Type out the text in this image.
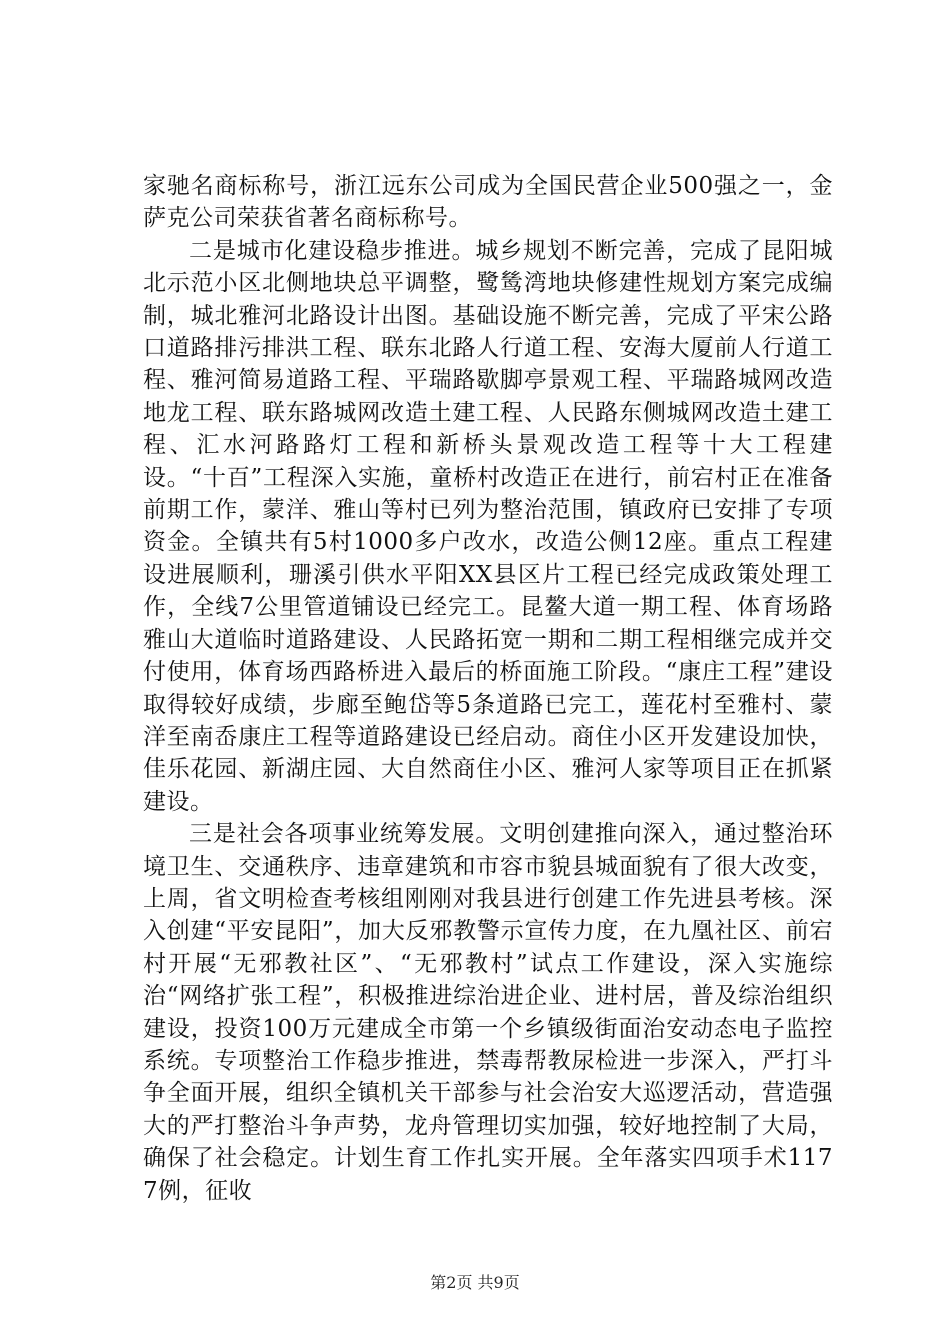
家驰名商标称号，浙江远东公司成为全国民营企业500强之一，金萨克公司荣获省著名商标称号。

二是城市化建设稳步推进。城乡规划不断完善，完成了昆阳城北示范小区北侧地块总平调整，鹭鸶湾地块修建性规划方案完成编制，城北雅河北路设计出图。基础设施不断完善，完成了平宋公路口道路排污排洪工程、联东北路人行道工程、安海大厦前人行道工程、雅河简易道路工程、平瑞路歇脚亭景观工程、平瑞路城网改造地龙工程、联东路城网改造土建工程、人民路东侧城网改造土建工程、汇水河路路灯工程和新桥头景观改造工程等十大工程建设。“十百”工程深入实施，童桥村改造正在进行，前宕村正在准备前期工作，蒙洋、雅山等村已列为整治范围，镇政府已安排了专项资金。全镇共有5村1000多户改水，改造公侧12座。重点工程建设进展顺利，珊溪引供水平阳XX县区片工程已经完成政策处理工作，全线7公里管道铺设已经完工。昆鳌大道一期工程、体育场路雅山大道临时道路建设、人民路拓宽一期和二期工程相继完成并交付使用，体育场西路桥进入最后的桥面施工阶段。“康庄工程”建设取得较好成绩，步廊至鲍岱等5条道路已完工，莲花村至雅村、蒙洋至南岙康庄工程等道路建设已经启动。商住小区开发建设加快，佳乐花园、新湖庄园、大自然商住小区、雅河人家等项目正在抓紧建设。

三是社会各项事业统筹发展。文明创建推向深入，通过整治环境卫生、交通秩序、违章建筑和市容市貌县城面貌有了很大改变，上周，省文明检查考核组刚刚对我县进行创建工作先进县考核。深入创建“平安昆阳”，加大反邪教警示宣传力度，在九凰社区、前宕村开展“无邪教社区”、“无邪教村”试点工作建设，深入实施综治“网络扩张工程”，积极推进综治进企业、进村居，普及综治组织建设，投资100万元建成全市第一个乡镇级街面治安动态电子监控系统。专项整治工作稳步推进，禁毒帮教尿检进一步深入，严打斗争全面开展，组织全镇机关干部参与社会治安大巡逻活动，营造强大的严打整治斗争声势，龙舟管理切实加强，较好地控制了大局，确保了社会稳定。计划生育工作扎实开展。全年落实四项手术1177例，征收

第2页 共9页
